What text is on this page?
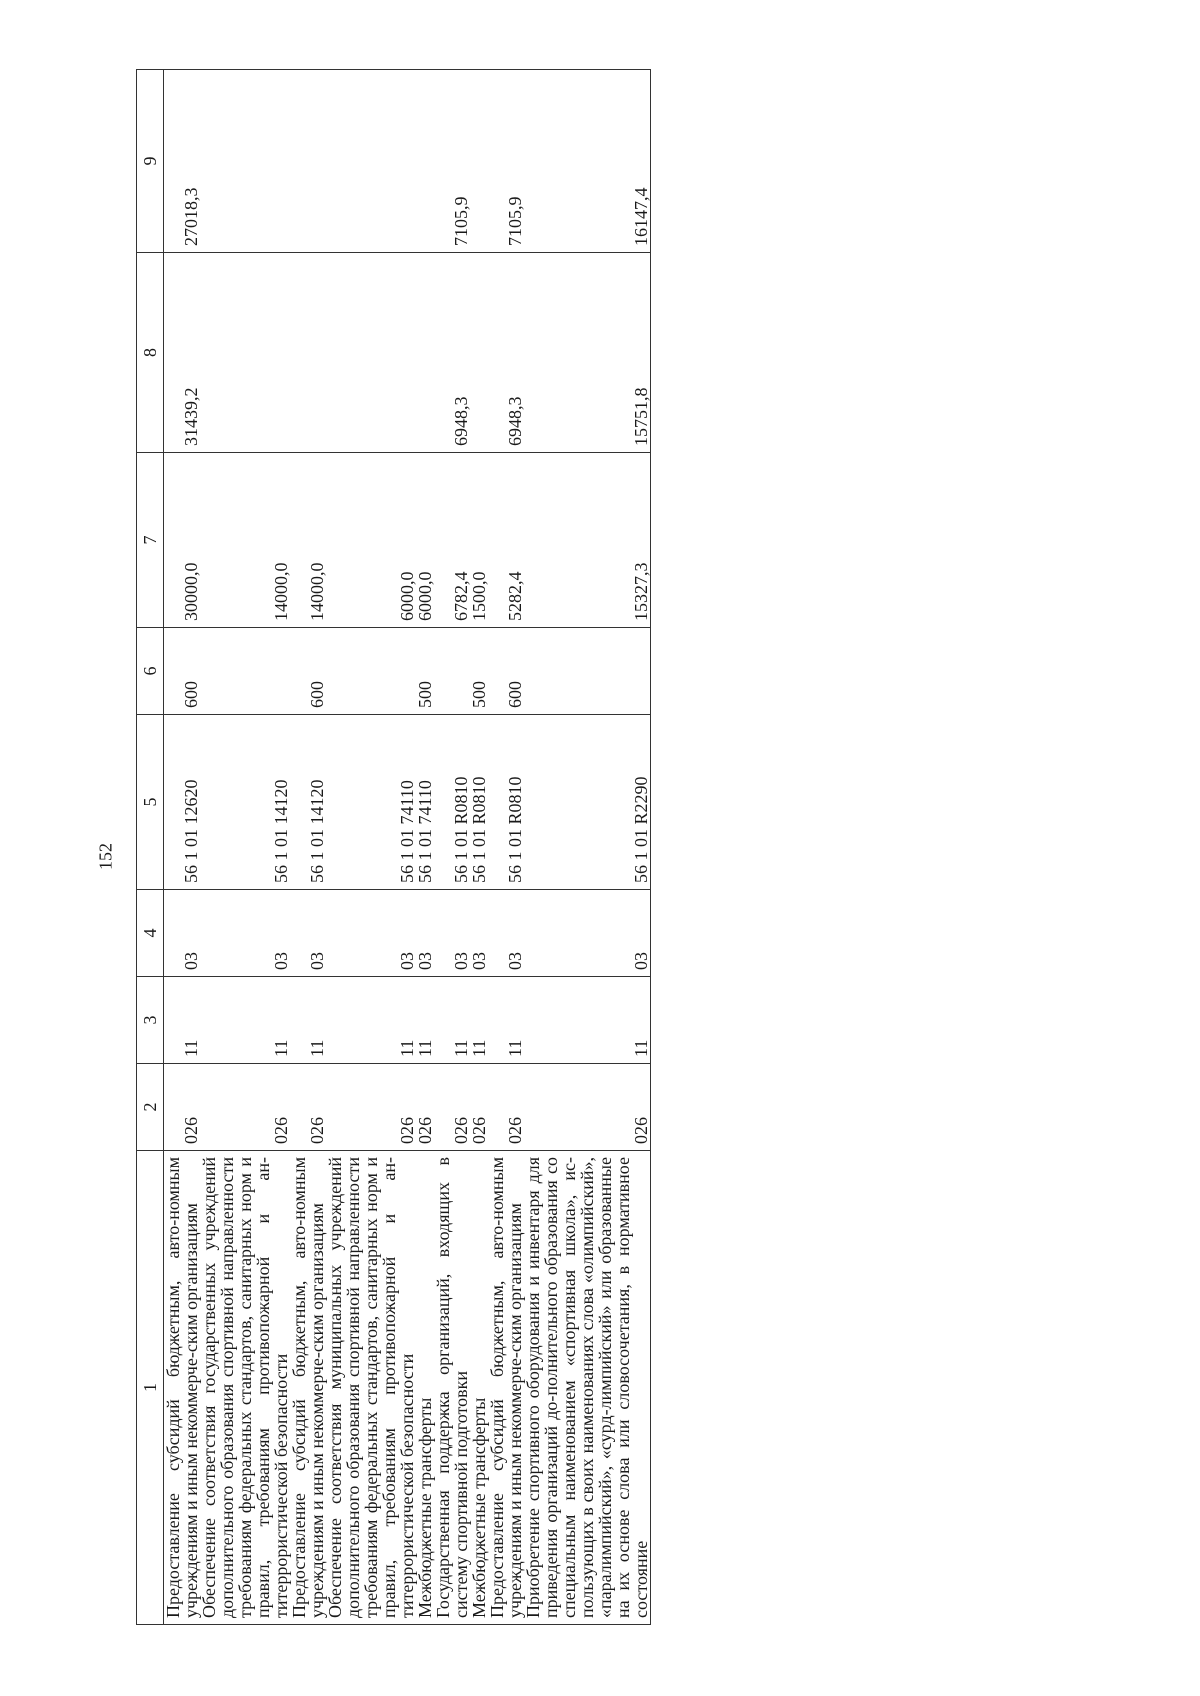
152
1	2	3	4	5	6	7	8	9
Предоставление субсидий бюджетным, авто-номным учреждениям и иным некоммерче-ским организациям	026	11	03	56 1 01 12620	600	30000,0	31439,2	27018,3
Обеспечение соответствия государственных учреждений дополнительного образования спортивной направленности требованиям федеральных стандартов, санитарных норм и правил, требованиям противопожарной и ан-титеррористической безопасности	026	11	03	56 1 01 14120		14000,0		
Предоставление субсидий бюджетным, авто-номным учреждениям и иным некоммерче-ским организациям	026	11	03	56 1 01 14120	600	14000,0		
Обеспечение соответствия муниципальных учреждений дополнительного образования спортивной направленности требованиям федеральных стандартов, санитарных норм и правил, требованиям противопожарной и ан-титеррористической безопасности	026	11	03	56 1 01 74110		6000,0		
Межбюджетные трансферты	026	11	03	56 1 01 74110	500	6000,0		
Государственная поддержка организаций, входящих в систему спортивной подготовки	026	11	03	56 1 01 R0810		6782,4	6948,3	7105,9
Межбюджетные трансферты	026	11	03	56 1 01 R0810	500	1500,0		
Предоставление субсидий бюджетным, авто-номным учреждениям и иным некоммерче-ским организациям	026	11	03	56 1 01 R0810	600	5282,4	6948,3	7105,9
Приобретение спортивного оборудования и инвентаря для приведения организаций до-полнительного образования со специальным наименованием «спортивная школа», ис-пользующих в своих наименованиях слова «олимпийский», «паралимпийский», «сурд-лимпийский» или образованные на их основе слова или словосочетания, в нормативное состояние	026	11	03	56 1 01 R2290		15327,3	15751,8	16147,4
